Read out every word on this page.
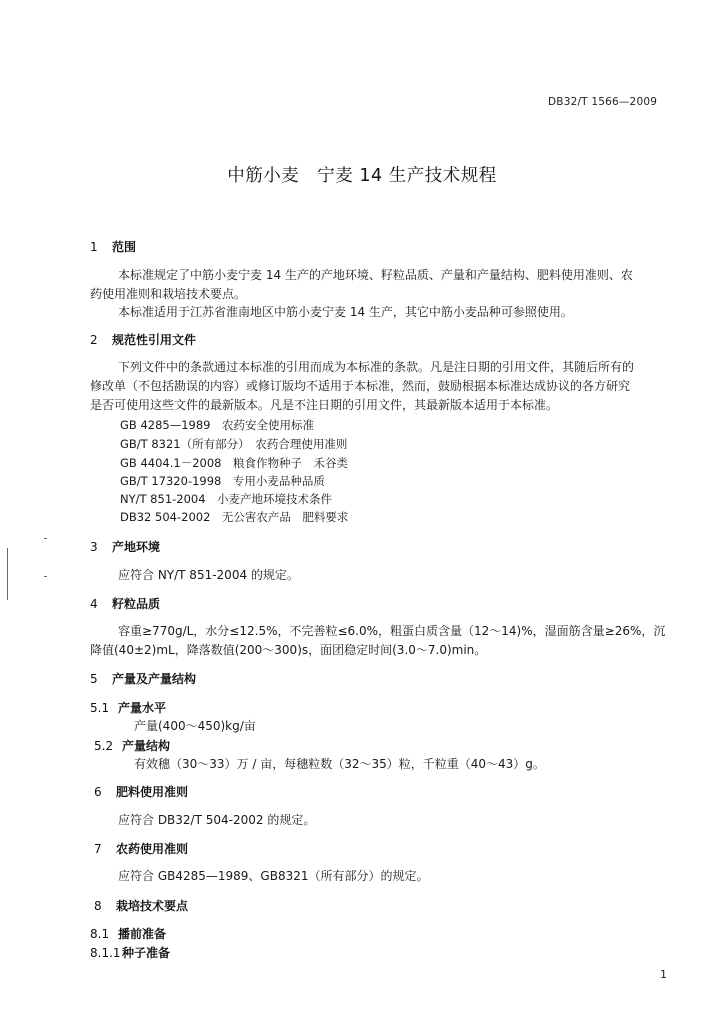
DB32/T 1566—2009
中筋小麦　宁麦 14 生产技术规程
1 范围
本标准规定了中筋小麦宁麦 14 生产的产地环境、籽粒品质、产量和产量结构、肥料使用准则、农
药使用准则和栽培技术要点。
本标准适用于江苏省淮南地区中筋小麦宁麦 14 生产，其它中筋小麦品种可参照使用。
2 规范性引用文件
下列文件中的条款通过本标准的引用而成为本标准的条款。凡是注日期的引用文件，其随后所有的
修改单（不包括勘误的内容）或修订版均不适用于本标准，然而，鼓励根据本标准达成协议的各方研究
是否可使用这些文件的最新版本。凡是不注日期的引用文件，其最新版本适用于本标准。
GB 4285—1989　农药安全使用标准
GB/T 8321（所有部分）　农药合理使用准则
GB 4404.1－2008　粮食作物种子　禾谷类
GB/T 17320-1998　专用小麦品种品质
NY/T 851-2004　小麦产地环境技术条件
DB32 504-2002　无公害农产品　肥料要求
3 产地环境
应符合 NY/T 851-2004 的规定。
4 籽粒品质
容重≥770g/L，水分≤12.5%，不完善粒≤6.0%，粗蛋白质含量（12～14)%，湿面筋含量≥26%，沉
降值(40±2)mL，降落数值(200～300)s，面团稳定时间(3.0～7.0)min。
5 产量及产量结构
5.1 产量水平
产量(400～450)kg/亩
5.2 产量结构
有效穗（30～33）万 / 亩，每穗粒数（32～35）粒，千粒重（40～43）g。
6 肥料使用准则
应符合 DB32/T 504-2002 的规定。
7 农药使用准则
应符合 GB4285—1989、GB8321（所有部分）的规定。
8 栽培技术要点
8.1 播前准备
8.1.1种子准备
1
